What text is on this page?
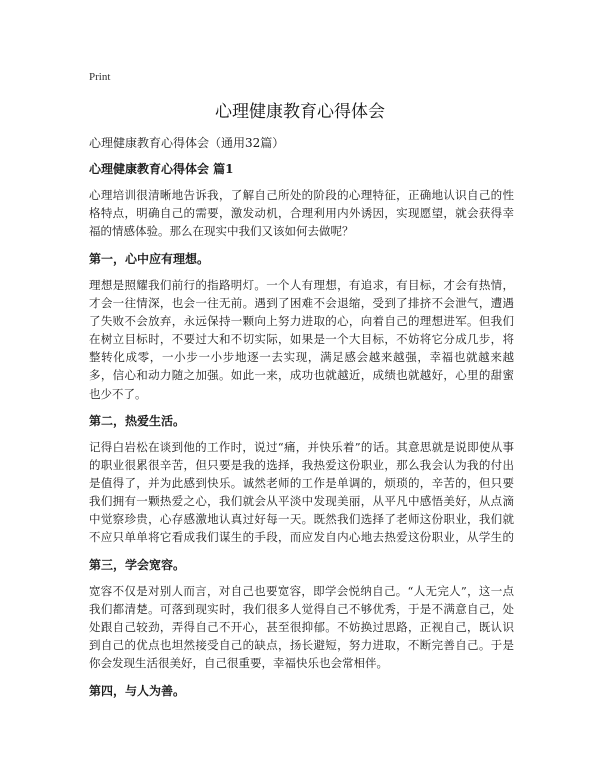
Print
心理健康教育心得体会
心理健康教育心得体会（通用32篇）
心理健康教育心得体会 篇1
心理培训很清晰地告诉我，了解自己所处的阶段的心理特征，正确地认识自己的性格特点，明确自己的需要，激发动机，合理利用内外诱因，实现愿望，就会获得幸福的情感体验。那么在现实中我们又该如何去做呢？
第一，心中应有理想。
理想是照耀我们前行的指路明灯。一个人有理想，有追求，有目标，才会有热情，才会一往情深，也会一往无前。遇到了困难不会退缩，受到了排挤不会泄气，遭遇了失败不会放弃，永远保持一颗向上努力进取的心，向着自己的理想进军。但我们在树立目标时，不要过大和不切实际，如果是一个大目标，不妨将它分成几步，将整转化成零，一小步一小步地逐一去实现，满足感会越来越强，幸福也就越来越多，信心和动力随之加强。如此一来，成功也就越近，成绩也就越好，心里的甜蜜也少不了。
第二，热爱生活。
记得白岩松在谈到他的工作时，说过“痛，并快乐着”的话。其意思就是说即使从事的职业很累很辛苦，但只要是我的选择，我热爱这份职业，那么我会认为我的付出是值得了，并为此感到快乐。诚然老师的工作是单调的，烦琐的，辛苦的，但只要我们拥有一颗热爱之心，我们就会从平淡中发现美丽，从平凡中感悟美好，从点滴中觉察珍贵，心存感激地认真过好每一天。既然我们选择了老师这份职业，我们就不应只单单将它看成我们谋生的手段，而应发自内心地去热爱这份职业，从学生的
第三，学会宽容。
宽容不仅是对别人而言，对自己也要宽容，即学会悦纳自己。“人无完人”，这一点我们都清楚。可落到现实时，我们很多人觉得自己不够优秀，于是不满意自己，处处跟自己较劲，弄得自己不开心，甚至很抑郁。不妨换过思路，正视自己，既认识到自己的优点也坦然接受自己的缺点，扬长避短，努力进取，不断完善自己。于是你会发现生活很美好，自己很重要，幸福快乐也会常相伴。
第四，与人为善。
